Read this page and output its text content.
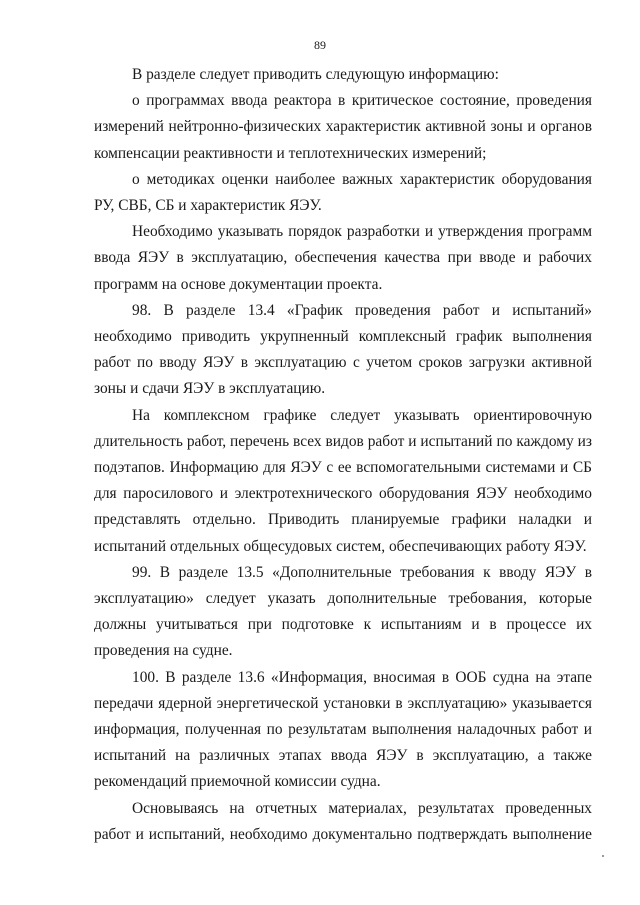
89

В разделе следует приводить следующую информацию:

о программах ввода реактора в критическое состояние, проведения измерений нейтронно-физических характеристик активной зоны и органов компенсации реактивности и теплотехнических измерений;

о методиках оценки наиболее важных характеристик оборудования РУ, СВБ, СБ и характеристик ЯЭУ.

Необходимо указывать порядок разработки и утверждения программ ввода ЯЭУ в эксплуатацию, обеспечения качества при вводе и рабочих программ на основе документации проекта.

98. В разделе 13.4 «График проведения работ и испытаний» необходимо приводить укрупненный комплексный график выполнения работ по вводу ЯЭУ в эксплуатацию с учетом сроков загрузки активной зоны и сдачи ЯЭУ в эксплуатацию.

На комплексном графике следует указывать ориентировочную длительность работ, перечень всех видов работ и испытаний по каждому из подэтапов. Информацию для ЯЭУ с ее вспомогательными системами и СБ для паросилового и электротехнического оборудования ЯЭУ необходимо представлять отдельно. Приводить планируемые графики наладки и испытаний отдельных общесудовых систем, обеспечивающих работу ЯЭУ.

99. В разделе 13.5 «Дополнительные требования к вводу ЯЭУ в эксплуатацию» следует указать дополнительные требования, которые должны учитываться при подготовке к испытаниям и в процессе их проведения на судне.

100. В разделе 13.6 «Информация, вносимая в ООБ судна на этапе передачи ядерной энергетической установки в эксплуатацию» указывается информация, полученная по результатам выполнения наладочных работ и испытаний на различных этапах ввода ЯЭУ в эксплуатацию, а также рекомендаций приемочной комиссии судна.

Основываясь на отчетных материалах, результатах проведенных работ и испытаний, необходимо документально подтверждать выполнение
